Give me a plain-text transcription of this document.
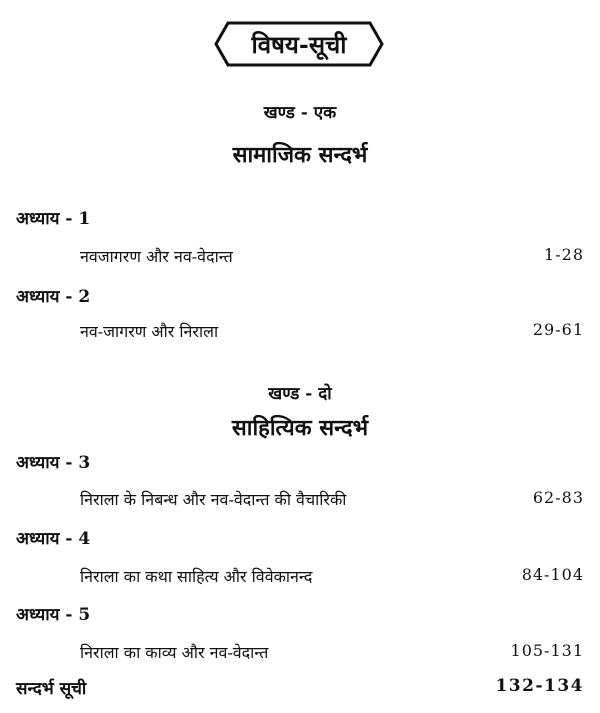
विषय-सूची
खण्ड - एक
सामाजिक सन्दर्भ
अध्याय - 1
नवजागरण और नव-वेदान्त	1-28
अध्याय - 2
नव-जागरण और निराला	29-61
खण्ड - दो
साहित्यिक सन्दर्भ
अध्याय - 3
निराला के निबन्ध और नव-वेदान्त की वैचारिकी	62-83
अध्याय - 4
निराला का कथा साहित्य और विवेकानन्द	84-104
अध्याय - 5
निराला का काव्य और नव-वेदान्त	105-131
सन्दर्भ सूची	132-134
